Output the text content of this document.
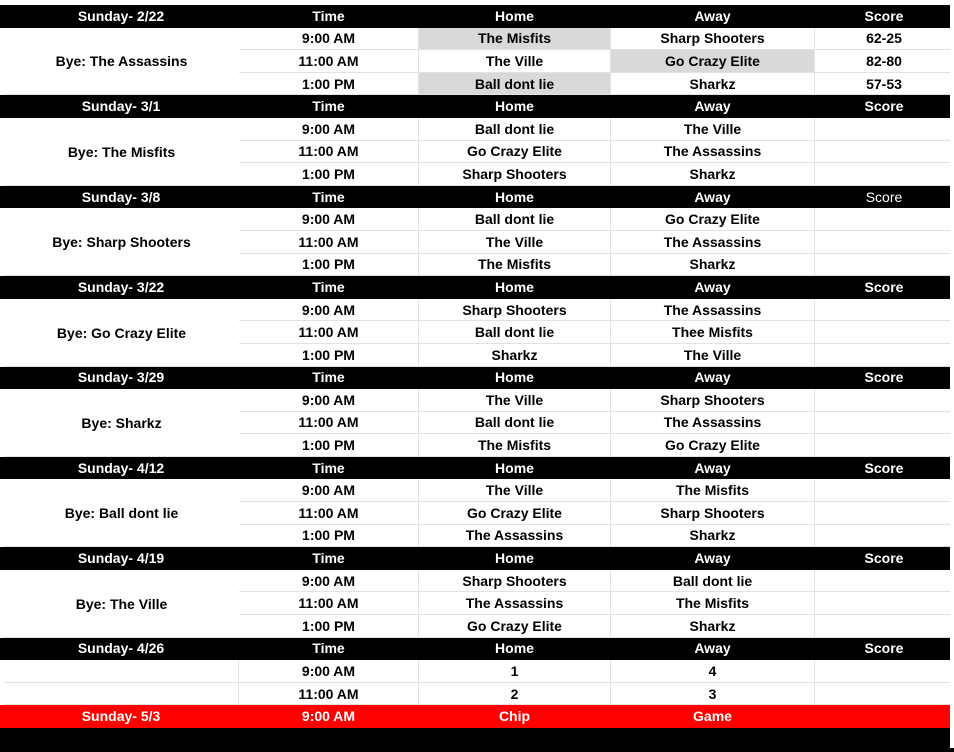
Sunday- 2/22	Time	Home	Away	Score
9:00 AM	The Misfits	Sharp Shooters	62-25
11:00 AM	The Ville	Go Crazy Elite	82-80
1:00 PM	Ball dont lie	Sharkz	57-53
Bye: The Assassins
Sunday- 3/1	Time	Home	Away	Score
9:00 AM	Ball dont lie	The Ville
11:00 AM	Go Crazy Elite	The Assassins
1:00 PM	Sharp Shooters	Sharkz
Bye: The Misfits
Sunday- 3/8	Time	Home	Away	Score
9:00 AM	Ball dont lie	Go Crazy Elite
11:00 AM	The Ville	The Assassins
1:00 PM	The Misfits	Sharkz
Bye: Sharp Shooters
Sunday- 3/22	Time	Home	Away	Score
9:00 AM	Sharp Shooters	The Assassins
11:00 AM	Ball dont lie	Thee Misfits
1:00 PM	Sharkz	The Ville
Bye: Go Crazy Elite
Sunday- 3/29	Time	Home	Away	Score
9:00 AM	The Ville	Sharp Shooters
11:00 AM	Ball dont lie	The Assassins
1:00 PM	The Misfits	Go Crazy Elite
Bye: Sharkz
Sunday- 4/12	Time	Home	Away	Score
9:00 AM	The Ville	The Misfits
11:00 AM	Go Crazy Elite	Sharp Shooters
1:00 PM	The Assassins	Sharkz
Bye: Ball dont lie
Sunday- 4/19	Time	Home	Away	Score
9:00 AM	Sharp Shooters	Ball dont lie
11:00 AM	The Assassins	The Misfits
1:00 PM	Go Crazy Elite	Sharkz
Bye: The Ville
Sunday- 4/26	Time	Home	Away	Score
9:00 AM	1	4
11:00 AM	2	3
Sunday- 5/3	9:00 AM	Chip	Game
